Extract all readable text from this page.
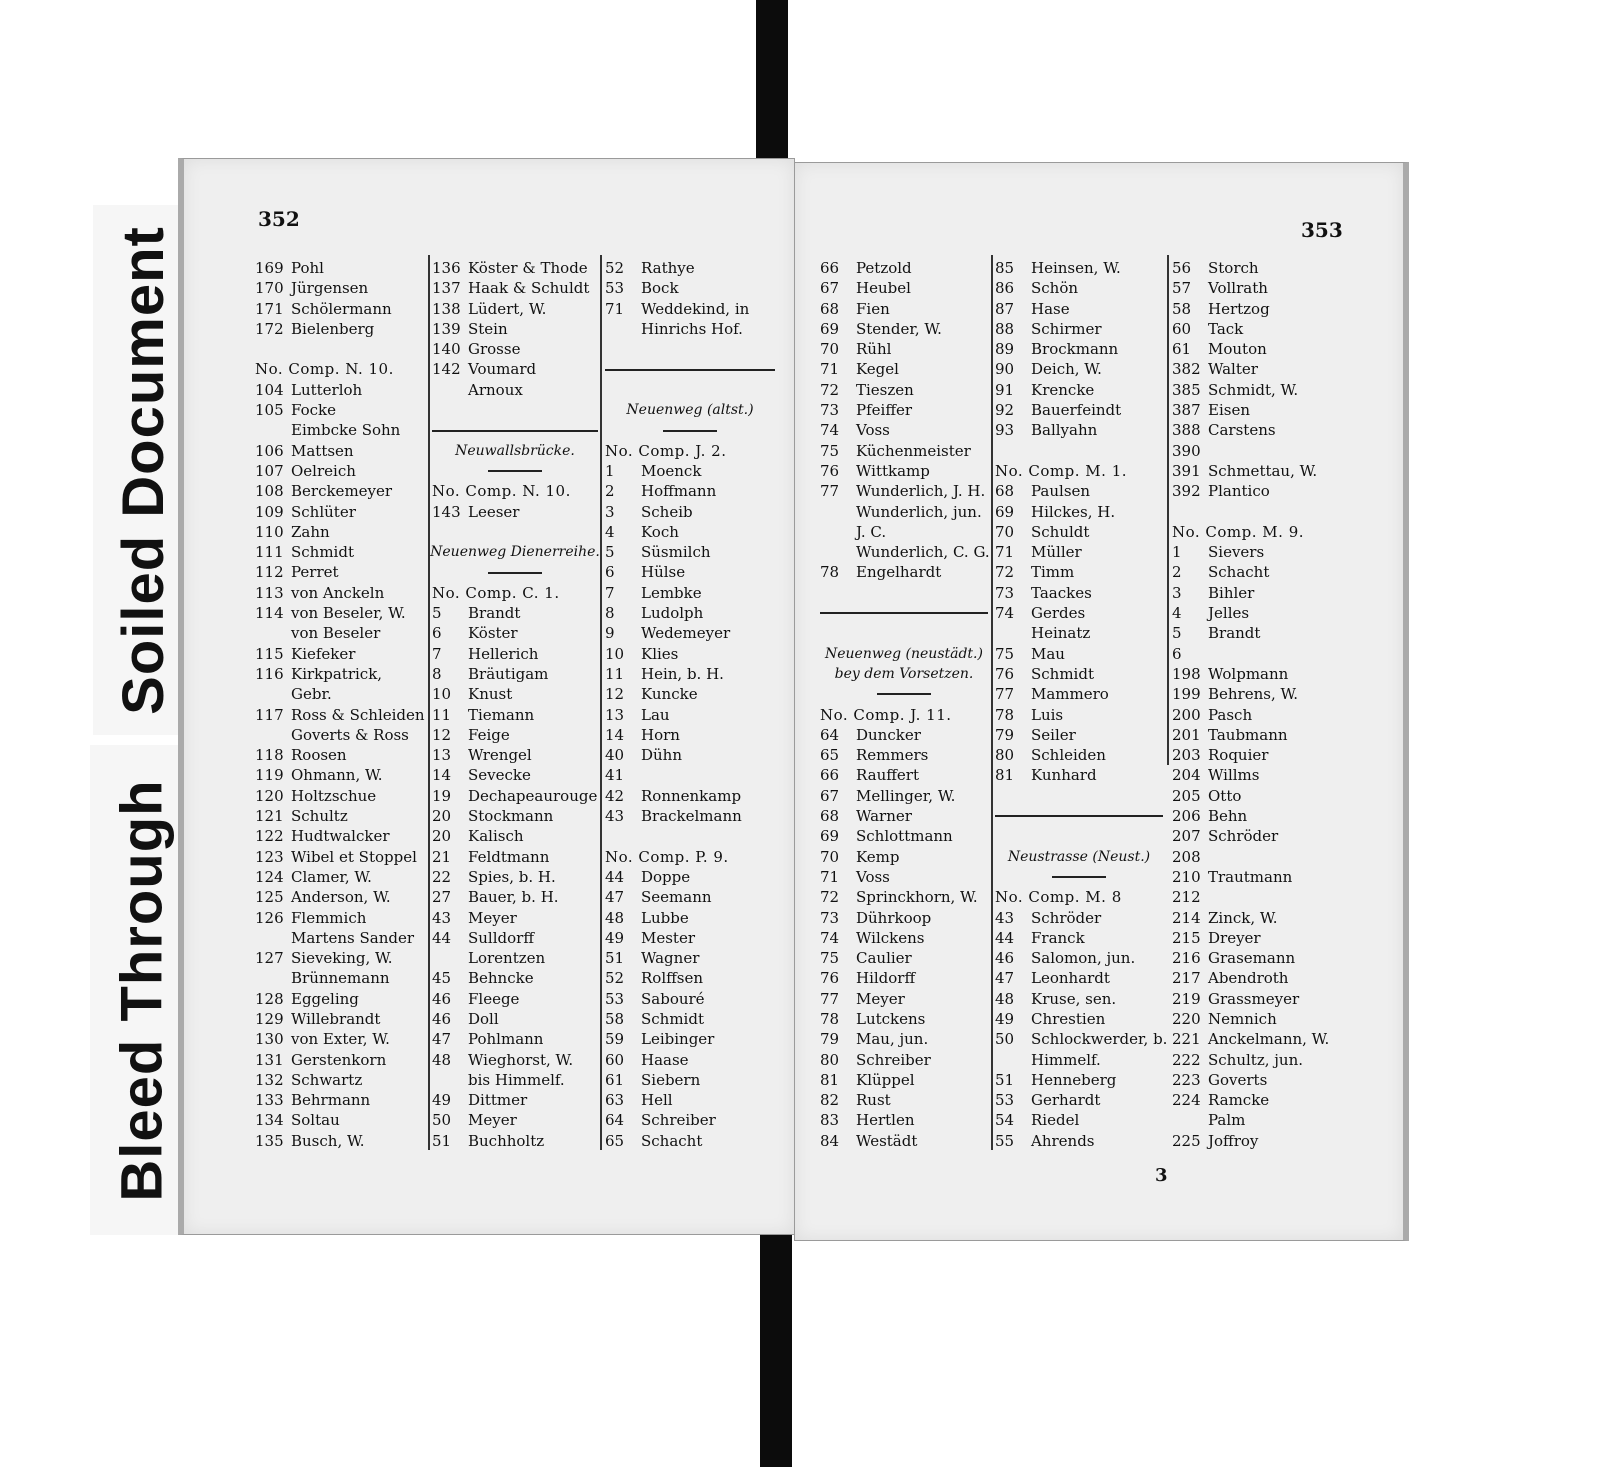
Soiled Document
Bleed Through
352	353
169 Pohl
170 Jürgensen
171 Schölermann
172 Bielenberg
No. Comp. N. 10.
104 Lutterloh
105 Focke
Eimbcke Sohn
106 Mattsen
107 Oelreich
108 Berckemeyer
109 Schlüter
110 Zahn
111 Schmidt
112 Perret
113 von Anckeln
114 von Beseler, W.
von Beseler
115 Kiefeker
116 Kirkpatrick,
Gebr.
117 Ross & Schleiden
Goverts & Ross
118 Roosen
119 Ohmann, W.
120 Holtzschue
121 Schultz
122 Hudtwalcker
123 Wibel et Stoppel
124 Clamer, W.
125 Anderson, W.
126 Flemmich
Martens Sander
127 Sieveking, W.
Brünnemann
128 Eggeling
129 Willebrandt
130 von Exter, W.
131 Gerstenkorn
132 Schwartz
133 Behrmann
134 Soltau
135 Busch, W.
136 Köster & Thode
137 Haak & Schuldt
138 Lüdert, W.
139 Stein
140 Grosse
142 Voumard
Arnoux
Neuwallsbrücke.
No. Comp. N. 10.
143 Leeser
Neuenweg Dienerreihe.
No. Comp. C. 1.
5	Brandt
6	Köster
7	Hellerich
8	Bräutigam
10	Knust
11	Tiemann
12	Feige
13	Wrengel
14	Sevecke
19	Dechapeaurouge
20	Stockmann
20	Kalisch
21	Feldtmann
22	Spies, b. H.
27	Bauer, b. H.
43	Meyer
44	Sulldorff
Lorentzen
45	Behncke
46	Fleege
46	Doll
47	Pohlmann
48	Wieghorst, W.
bis Himmelf.
49	Dittmer
50	Meyer
51	Buchholtz
52	Rathye
53	Bock
71	Weddekind, in
Hinrichs Hof.
Neuenweg (altst.)
No. Comp. J. 2.
1	Moenck
2	Hoffmann
3	Scheib
4	Koch
5	Süsmilch
6	Hülse
7	Lembke
8	Ludolph
9	Wedemeyer
10	Klies
11	Hein, b. H.
12	Kuncke
13	Lau
14	Horn
40	Dühn
41
42	Ronnenkamp
43	Brackelmann
No. Comp. P. 9.
44	Doppe
47	Seemann
48	Lubbe
49	Mester
51	Wagner
52	Rolffsen
53	Sabouré
58	Schmidt
59	Leibinger
60	Haase
61	Siebern
63	Hell
64	Schreiber
65	Schacht
66	Petzold
67	Heubel
68	Fien
69	Stender, W.
70	Rühl
71	Kegel
72	Tieszen
73	Pfeiffer
74	Voss
75	Küchenmeister
76	Wittkamp
77	Wunderlich, J. H.
Wunderlich, jun.
J. C.
Wunderlich, C. G.
78	Engelhardt
Neuenweg (neustädt.)
bey dem Vorsetzen.
No. Comp. J. 11.
64	Duncker
65	Remmers
66	Rauffert
67	Mellinger, W.
68	Warner
69	Schlottmann
70	Kemp
71	Voss
72	Sprinckhorn, W.
73	Dührkoop
74	Wilckens
75	Caulier
76	Hildorff
77	Meyer
78	Lutckens
79	Mau, jun.
80	Schreiber
81	Klüppel
82	Rust
83	Hertlen
84	Westädt
85	Heinsen, W.
86	Schön
87	Hase
88	Schirmer
89	Brockmann
90	Deich, W.
91	Krencke
92	Bauerfeindt
93	Ballyahn
No. Comp. M. 1.
68	Paulsen
69	Hilckes, H.
70	Schuldt
71	Müller
72	Timm
73	Taackes
74	Gerdes
Heinatz
75	Mau
76	Schmidt
77	Mammero
78	Luis
79	Seiler
80	Schleiden
81	Kunhard
Neustrasse (Neust.)
No. Comp. M. 8
43	Schröder
44	Franck
46	Salomon, jun.
47	Leonhardt
48	Kruse, sen.
49	Chrestien
50	Schlockwerder, b.
Himmelf.
51	Henneberg
53	Gerhardt
54	Riedel
55	Ahrends
56	Storch
57	Vollrath
58	Hertzog
60	Tack
61	Mouton
382 Walter
385 Schmidt, W.
387 Eisen
388 Carstens
390
391 Schmettau, W.
392 Plantico
No. Comp. M. 9.
1	Sievers
2	Schacht
3	Bihler
4	Jelles
5	Brandt
6
198 Wolpmann
199 Behrens, W.
200 Pasch
201 Taubmann
203 Roquier
204 Willms
205 Otto
206 Behn
207 Schröder
208
210 Trautmann
212
214 Zinck, W.
215 Dreyer
216 Grasemann
217 Abendroth
219 Grassmeyer
220 Nemnich
221 Anckelmann, W.
222 Schultz, jun.
223 Goverts
224 Ramcke
Palm
225 Joffroy
3
